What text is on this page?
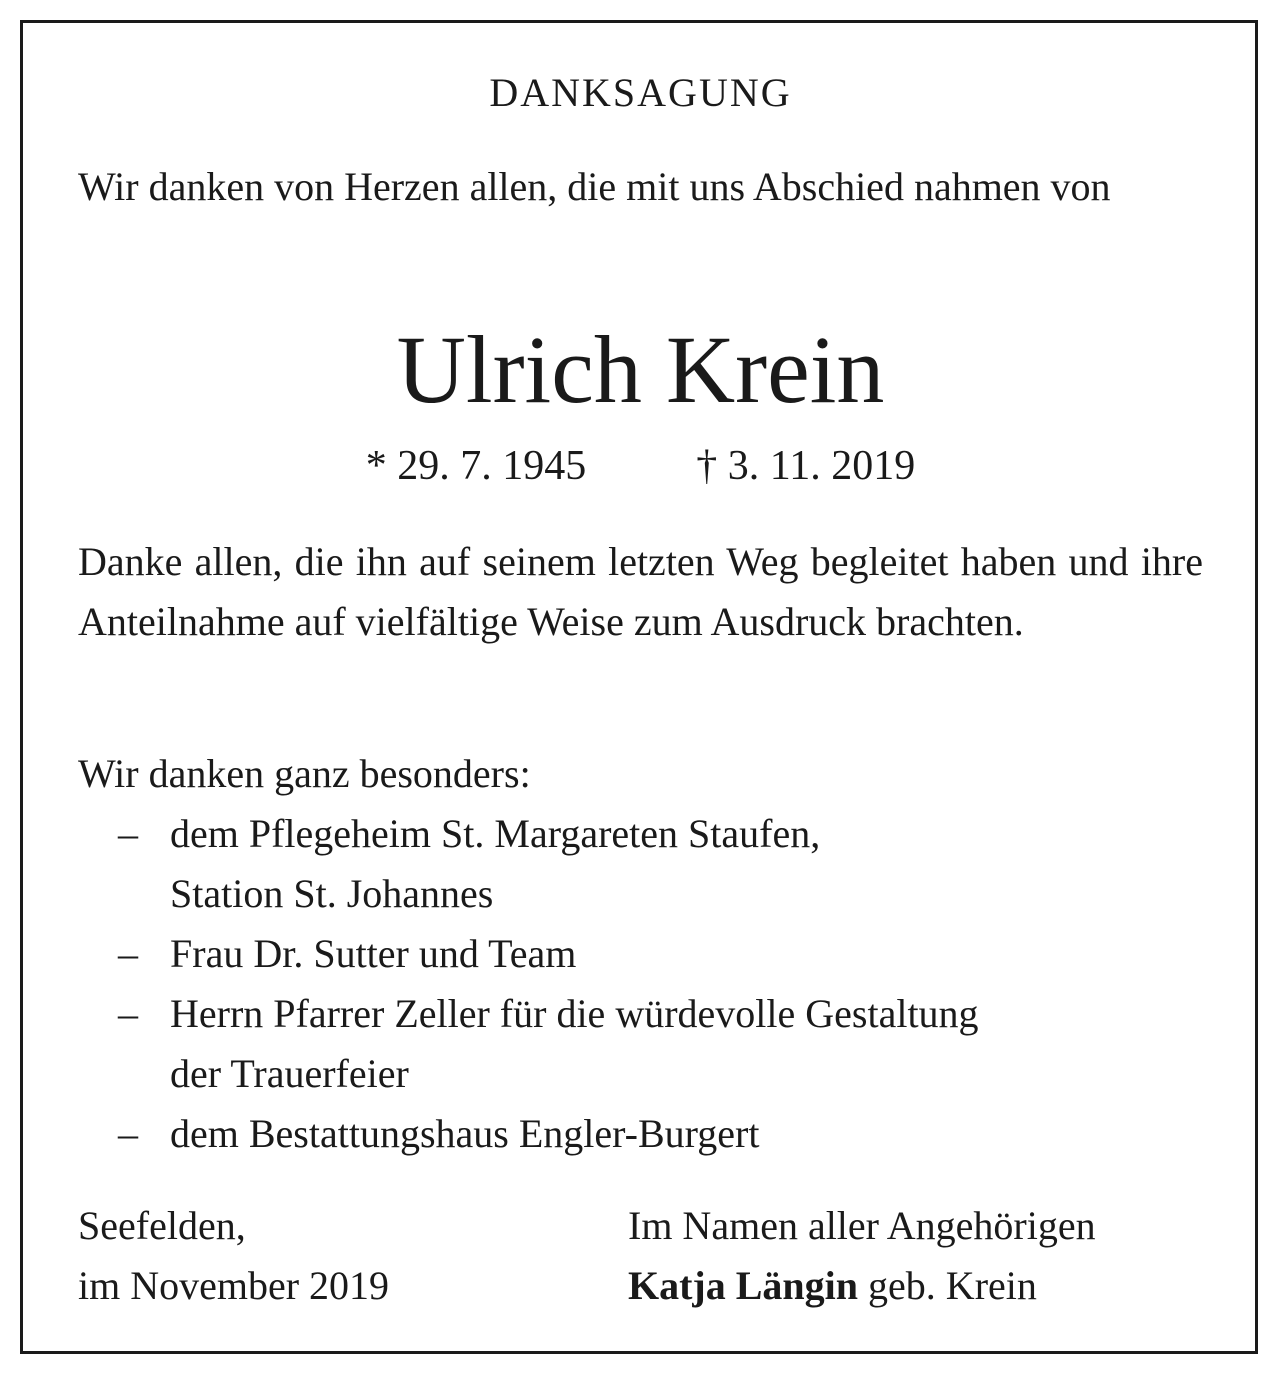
DANKSAGUNG
Wir danken von Herzen allen, die mit uns Abschied nahmen von
Ulrich Krein
* 29. 7. 1945	† 3. 11. 2019
Danke allen, die ihn auf seinem letzten Weg begleitet haben und ihre Anteilnahme auf vielfältige Weise zum Ausdruck brachten.
Wir danken ganz besonders:
– dem Pflegeheim St. Margareten Staufen,
Station St. Johannes
– Frau Dr. Sutter und Team
– Herrn Pfarrer Zeller für die würdevolle Gestaltung
der Trauerfeier
– dem Bestattungshaus Engler-Burgert
Seefelden,
im November 2019
Im Namen aller Angehörigen
Katja Längin geb. Krein
